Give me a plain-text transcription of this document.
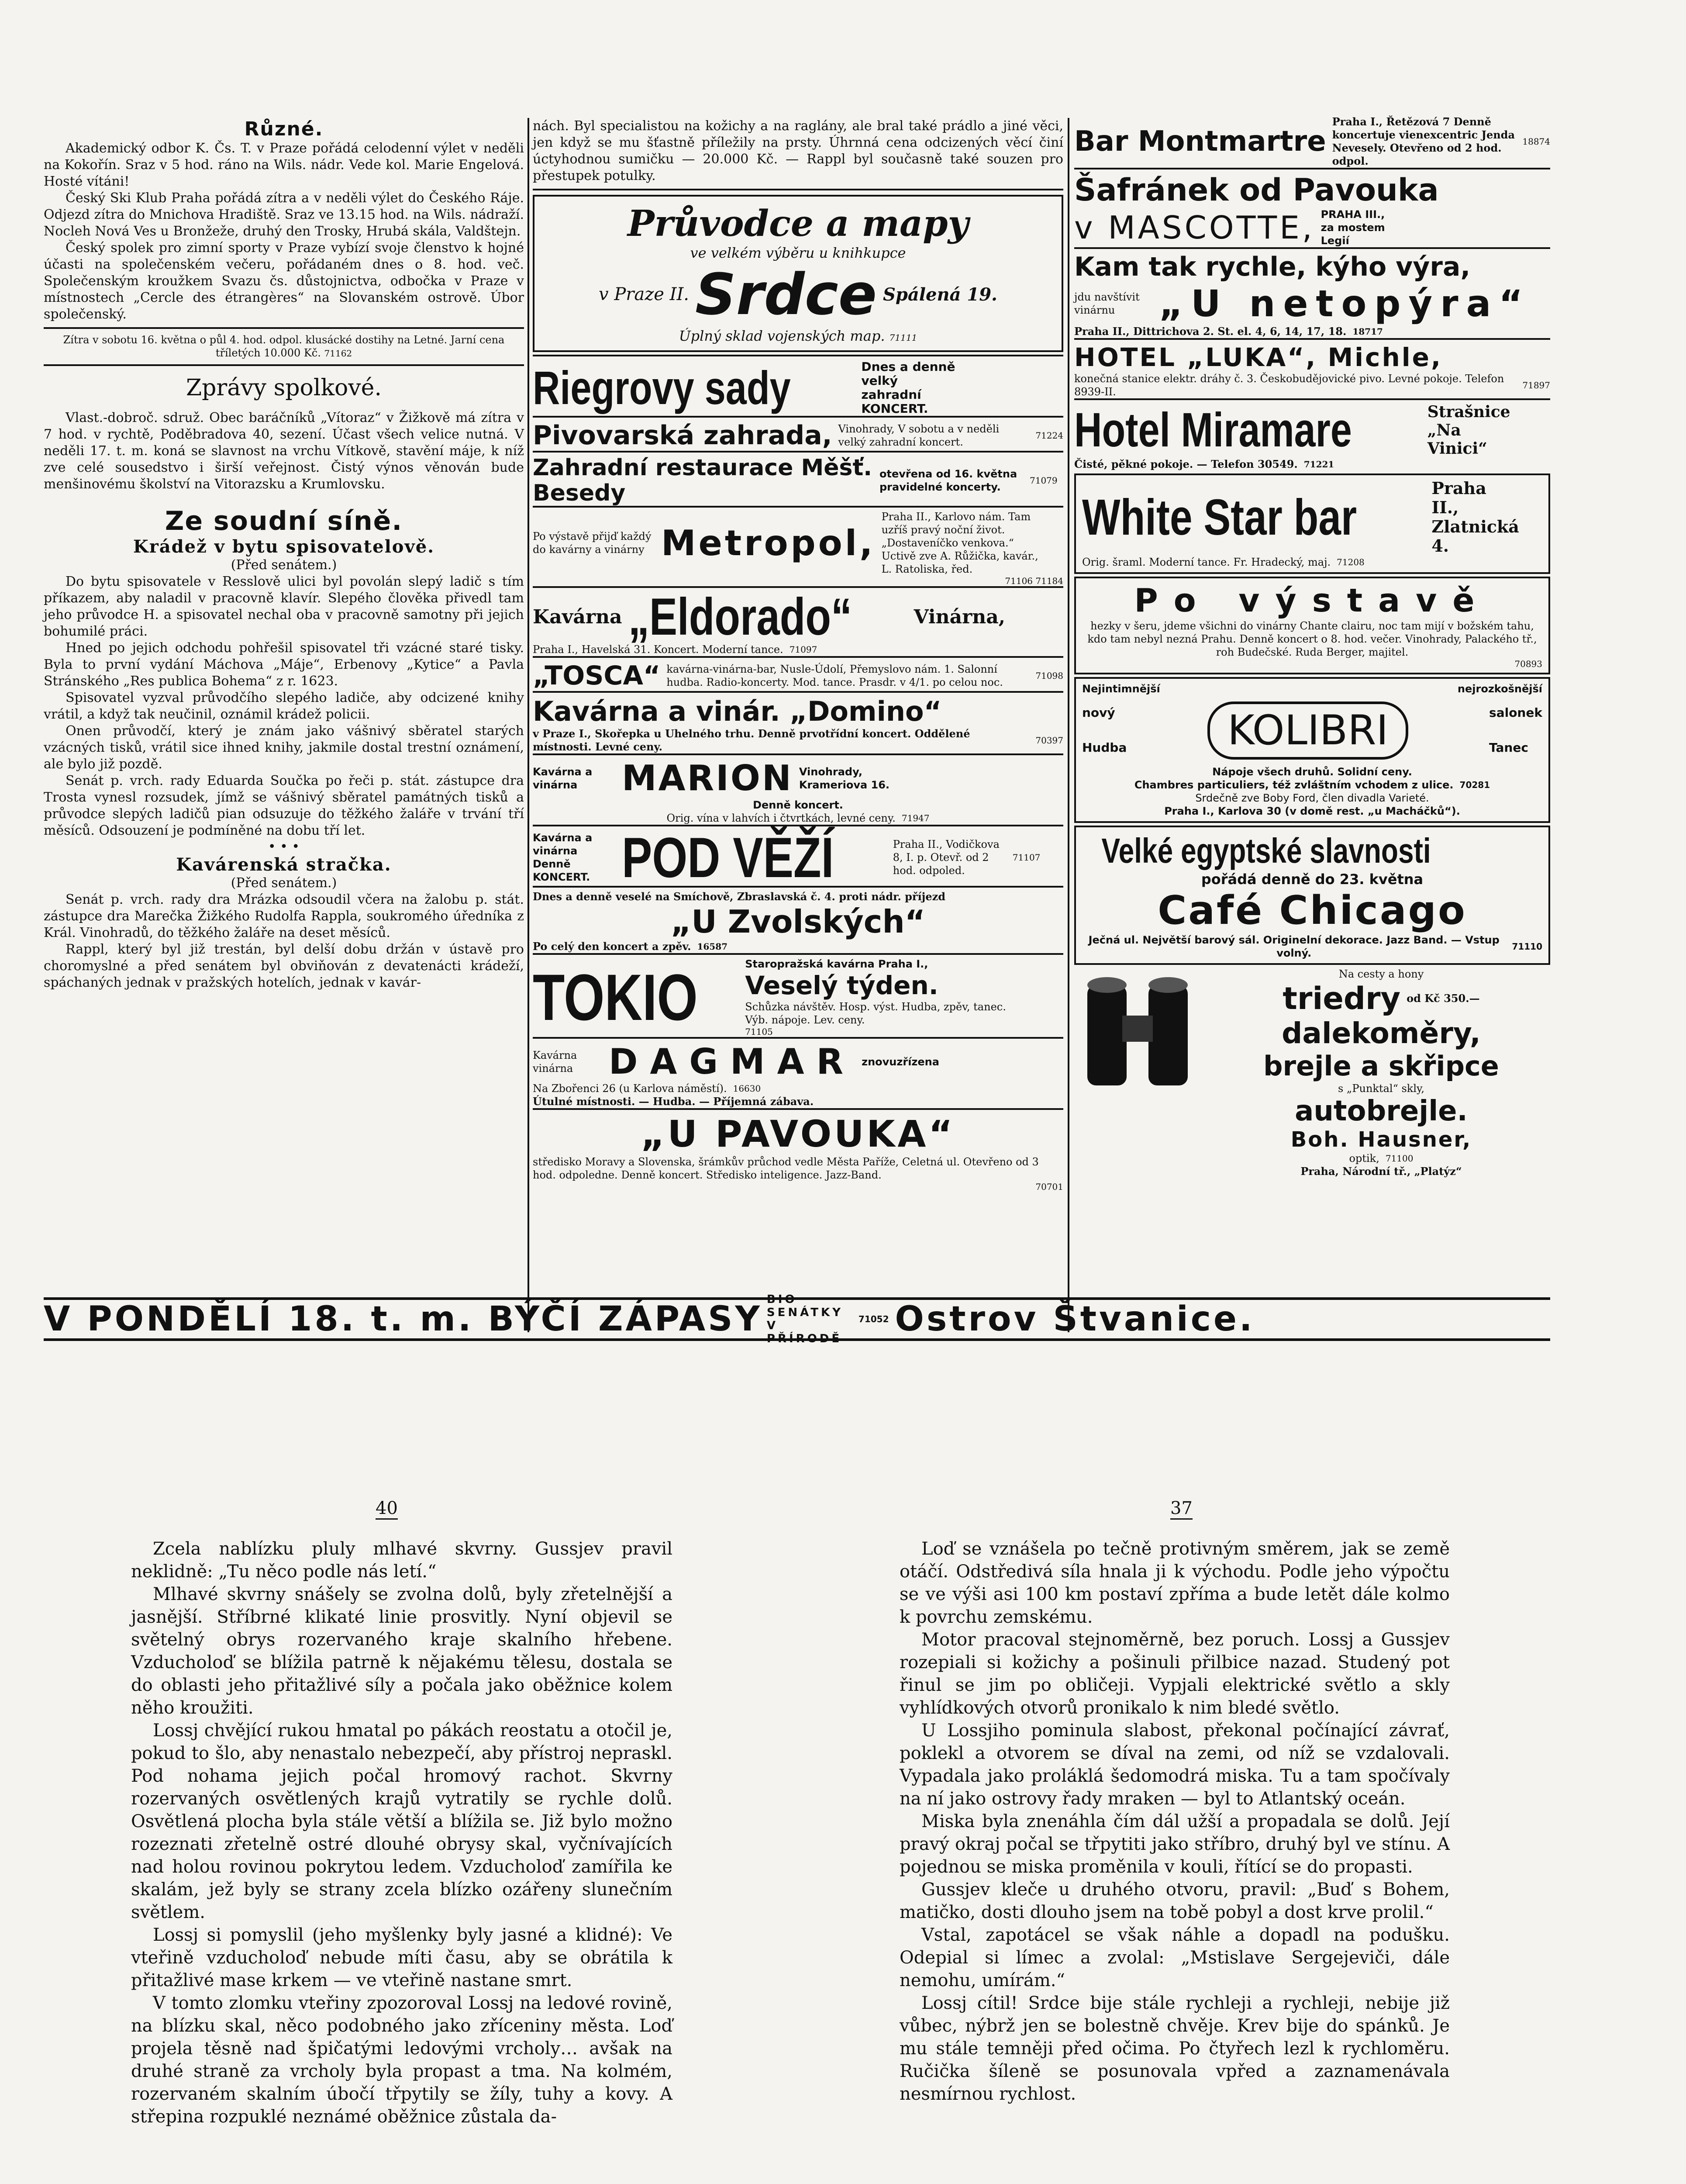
Různé.

Akademický odbor K. Čs. T. v Praze pořádá celodenní výlet v neděli na Kokořín. Sraz v 5 hod. ráno na Wils. nádr. Vede kol. Marie Engelová. Hosté vítáni!

Český Ski Klub Praha pořádá zítra a v neděli výlet do Českého Ráje. Odjezd zítra do Mnichova Hradiště. Sraz ve 13.15 hod. na Wils. nádraží. Nocleh Nová Ves u Bronžeže, druhý den Trosky, Hrubá skála, Valdštejn.

Český spolek pro zimní sporty v Praze vybízí svoje členstvo k hojné účasti na společenském večeru, pořádaném dnes o 8. hod. več. Společenským kroužkem Svazu čs. důstojnictva, odbočka v Praze v místnostech „Cercle des étrangères“ na Slovanském ostrově. Úbor společenský.

Zítra v sobotu 16. května o půl 4. hod. odpol. klusácké dostihy na Letné. Jarní cena tříletých 10.000 Kč. 71162
Zprávy spolkové.

Vlast.-dobroč. sdruž. Obec baráčníků „Vítoraz“ v Žižkově má zítra v 7 hod. v rychtě, Poděbradova 40, sezení. Účast všech velice nutná. V neděli 17. t. m. koná se slavnost na vrchu Vítkově, stavění máje, k níž zve celé sousedstvo i širší veřejnost. Čistý výnos věnován bude menšinovému školství na Vitorazsku a Krumlovsku.

Ze soudní síně.
Krádež v bytu spisovatelově.
(Před senátem.)

Do bytu spisovatele v Resslově ulici byl povolán slepý ladič s tím příkazem, aby naladil v pracovně klavír. Slepého člověka přivedl tam jeho průvodce H. a spisovatel nechal oba v pracovně samotny při jejich bohumilé práci.

Hned po jejich odchodu pohřešil spisovatel tři vzácné staré tisky. Byla to první vydání Máchova „Máje“, Erbenovy „Kytice“ a Pavla Stránského „Res publica Bohema“ z r. 1623.

Spisovatel vyzval průvodčího slepého ladiče, aby odcizené knihy vrátil, a když tak neučinil, oznámil krádež policii.

Onen průvodčí, který je znám jako vášnivý sběratel starých vzácných tisků, vrátil sice ihned knihy, jakmile dostal trestní oznámení, ale bylo již pozdě.

Senát p. vrch. rady Eduarda Součka po řeči p. stát. zástupce dra Trosta vynesl rozsudek, jímž se vášnivý sběratel památných tisků a průvodce slepých ladičů pian odsuzuje do těžkého žaláře v trvání tří měsíců. Odsouzení je podmíněné na dobu tří let.

• • •
Kavárenská stračka.
(Před senátem.)

Senát p. vrch. rady dra Mrázka odsoudil včera na žalobu p. stát. zástupce dra Marečka Žižkého Rudolfa Rappla, soukromého úředníka z Král. Vinohradů, do těžkého žaláře na deset měsíců.

Rappl, který byl již trestán, byl delší dobu držán v ústavě pro choromyslné a před senátem byl obviňován z devatenácti krádeží, spáchaných jednak v pražských hotelích, jednak v kavár-

nách. Byl specialistou na kožichy a na raglány, ale bral také prádlo a jiné věci, jen když se mu šťastně příležily na prsty. Úhrnná cena odcizených věcí činí úctyhodnou sumičku — 20.000 Kč. — Rappl byl současně také souzen pro přestupek potulky.

Průvodce a mapy
ve velkém výběru u knihkupce
v Praze II. Srdce Spálená 19.
Úplný sklad vojenských map. 71111
Riegrovy sady	Dnes a denně velký zahradní KONCERT.
Pivovarská zahrada, Vinohrady, V sobotu a v neděli velký zahradní koncert.
71224
Zahradní restaurace Měšť. Besedy
otevřena od 16. května pravidelné koncerty.
71079
Po výstavě přijď každý do kavárny a vinárny Metropol,
Praha II., Karlovo nám. Tam uzříš pravý noční život. „Dostaveníčko venkova.“ Uctivě zve A. Růžička, kavár., L. Ratoliska, řed.
71106 71184
Kavárna „Eldorado“	Vinárna,
Praha I., Havelská 31. Koncert. Moderní tance. 71097
„TOSCA“ kavárna-vinárna-bar, Nusle-Údolí, Přemyslovo nám. 1. Salonní hudba. Radio-koncerty. Mod. tance. Prasdr. v 4/1. po celou noc.
71098
Kavárna a vinár. „Domino“
v Praze I., Skořepka u Uhelného trhu. Denně prvotřídní koncert. Oddělené místnosti. Levné ceny.	70397
Kavárna a vinárna	MARION Vinohrady, Krameriova 16.
Denně koncert.
Orig. vína v lahvích i čtvrtkách, levné ceny. 71947
Kavárna a vinárna Denně KONCERT. POD VĚŽÍ	Praha II., Vodičkova 8, I. p. Otevř. od 2 hod. odpoled.
71107
Dnes a denně veselé na Smíchově, Zbraslavská č. 4. proti nádr. příjezd
„U Zvolských“
Po celý den koncert a zpěv. 16587
TOKIO	Staropražská kavárna Praha I.,
Veselý týden.
Schůzka návštěv. Hosp. výst. Hudba, zpěv, tanec. Výb. nápoje. Lev. ceny.
71105
Kavárna vinárna	DAGMAR znovuzřízena
Na Zbořenci 26 (u Karlova náměstí). 16630
Útulné místnosti. — Hudba. — Příjemná zábava.
„U PAVOUKA“
středisko Moravy a Slovenska, šrámkův průchod vedle Města Paříže, Celetná ul. Otevřeno od 3 hod. odpoledne. Denně koncert. Středisko inteligence. Jazz-Band.
70701
Bar Montmartre
Praha I., Řetězová 7 Denně koncertuje vienexcentric Jenda Nevesely. Otevřeno od 2 hod. odpol.
18874
Šafránek od Pavouka
v MASCOTTE, PRAHA III., za mostem Legií
Kam tak rychle, kýho výra,
jdu navštívit vinárnu	„U netopýra“
Praha II., Dittrichova 2. St. el. 4, 6, 14, 17, 18. 18717
HOTEL „LUKA“, Michle,
konečná stanice elektr. dráhy č. 3. Českobudějovické pivo. Levné pokoje. Telefon 8939-II.
71897
Hotel Miramare	Strašnice „Na Vinici“
Čisté, pěkné pokoje. — Telefon 30549. 71221
White Star bar
Praha II., Zlatnická 4.
Orig. šraml. Moderní tance. Fr. Hradecký, maj. 71208
Po výstavě
hezky v šeru, jdeme všichni do vinárny Chante clairu, noc tam mijí v božském tahu, kdo tam nebyl nezná Prahu. Denně koncert o 8. hod. večer. Vinohrady, Palackého tř., roh Budečské. Ruda Berger, majitel.
70893
Nejintimnější	nejrozkošnější
nový
Hudba	KOLIBRI	salonek
Tanec
Nápoje všech druhů. Solidní ceny.
Chambres particuliers, též zvláštním vchodem z ulice. 70281
Srdečně zve Boby Ford, člen divadla Varieté.
Praha I., Karlova 30 (v domě rest. „u Macháčků“).
Velké egyptské slavnosti
pořádá denně do 23. května
Café Chicago
Ječná ul. Největší barový sál. Originelní dekorace. Jazz Band. — Vstup volný.
71110
Na cesty a hony
triedry od Kč 350.—
dalekoměry,
brejle a skřipce
s „Punktal“ skly,
autobrejle.
Boh. Hausner,
optik, 71100
Praha, Národní tř., „Platýz“
V PONDĚLÍ 18. t. m. BÝČÍ ZÁPASY BIO SENÁTKY V PŘÍRODĚ
71052 Ostrov Štvanice.
40	37

Zcela nablízku pluly mlhavé skvrny. Gussjev pravil neklidně: „Tu něco podle nás letí.“

Mlhavé skvrny snášely se zvolna dolů, byly zřetelnější a jasnější. Stříbrné klikaté linie prosvitly. Nyní objevil se světelný obrys rozervaného kraje skalního hřebene. Vzducholoď se blížila patrně k nějakému tělesu, dostala se do oblasti jeho přitažlivé síly a počala jako oběžnice kolem něho kroužiti.

Lossj chvějící rukou hmatal po pákách reostatu a otočil je, pokud to šlo, aby nenastalo nebezpečí, aby přístroj nepraskl. Pod nohama jejich počal hromový rachot. Skvrny rozervaných osvětlených krajů vytratily se rychle dolů. Osvětlená plocha byla stále větší a blížila se. Již bylo možno rozeznati zřetelně ostré dlouhé obrysy skal, vyčnívajících nad holou rovinou pokrytou ledem. Vzducholoď zamířila ke skalám, jež byly se strany zcela blízko ozářeny slunečním světlem.

Lossj si pomyslil (jeho myšlenky byly jasné a klidné): Ve vteřině vzducholoď nebude míti času, aby se obrátila k přitažlivé mase krkem — ve vteřině nastane smrt.

V tomto zlomku vteřiny zpozoroval Lossj na ledové rovině, na blízku skal, něco podobného jako zříceniny města. Loď projela těsně nad špičatými ledovými vrcholy… avšak na druhé straně za vrcholy byla propast a tma. Na kolmém, rozervaném skalním úbočí třpytily se žíly, tuhy a kovy. A střepina rozpuklé neznámé oběžnice zůstala da-

Loď se vznášela po tečně protivným směrem, jak se země otáčí. Odstředivá síla hnala ji k východu. Podle jeho výpočtu se ve výši asi 100 km postaví zpříma a bude letět dále kolmo k povrchu zemskému.

Motor pracoval stejnoměrně, bez poruch. Lossj a Gussjev rozepiali si kožichy a pošinuli přilbice nazad. Studený pot řinul se jim po obličeji. Vypjali elektrické světlo a skly vyhlídkových otvorů pronikalo k nim bledé světlo.

U Lossjiho pominula slabost, překonal počínající závrať, poklekl a otvorem se díval na zemi, od níž se vzdalovali. Vypadala jako proláklá šedomodrá miska. Tu a tam spočívaly na ní jako ostrovy řady mraken — byl to Atlantský oceán.

Miska byla znenáhla čím dál užší a propadala se dolů. Její pravý okraj počal se třpytiti jako stříbro, druhý byl ve stínu. A pojednou se miska proměnila v kouli, řítící se do propasti.

Gussjev kleče u druhého otvoru, pravil: „Buď s Bohem, matičko, dosti dlouho jsem na tobě pobyl a dost krve prolil.“

Vstal, zapotácel se však náhle a dopadl na podušku. Odepial si límec a zvolal: „Mstislave Sergejeviči, dále nemohu, umírám.“

Lossj cítil! Srdce bije stále rychleji a rychleji, nebije již vůbec, nýbrž jen se bolestně chvěje. Krev bije do spánků. Je mu stále temněji před očima. Po čtyřech lezl k rychloměru. Ručička šíleně se posunovala vpřed a zaznamenávala nesmírnou rychlost.
